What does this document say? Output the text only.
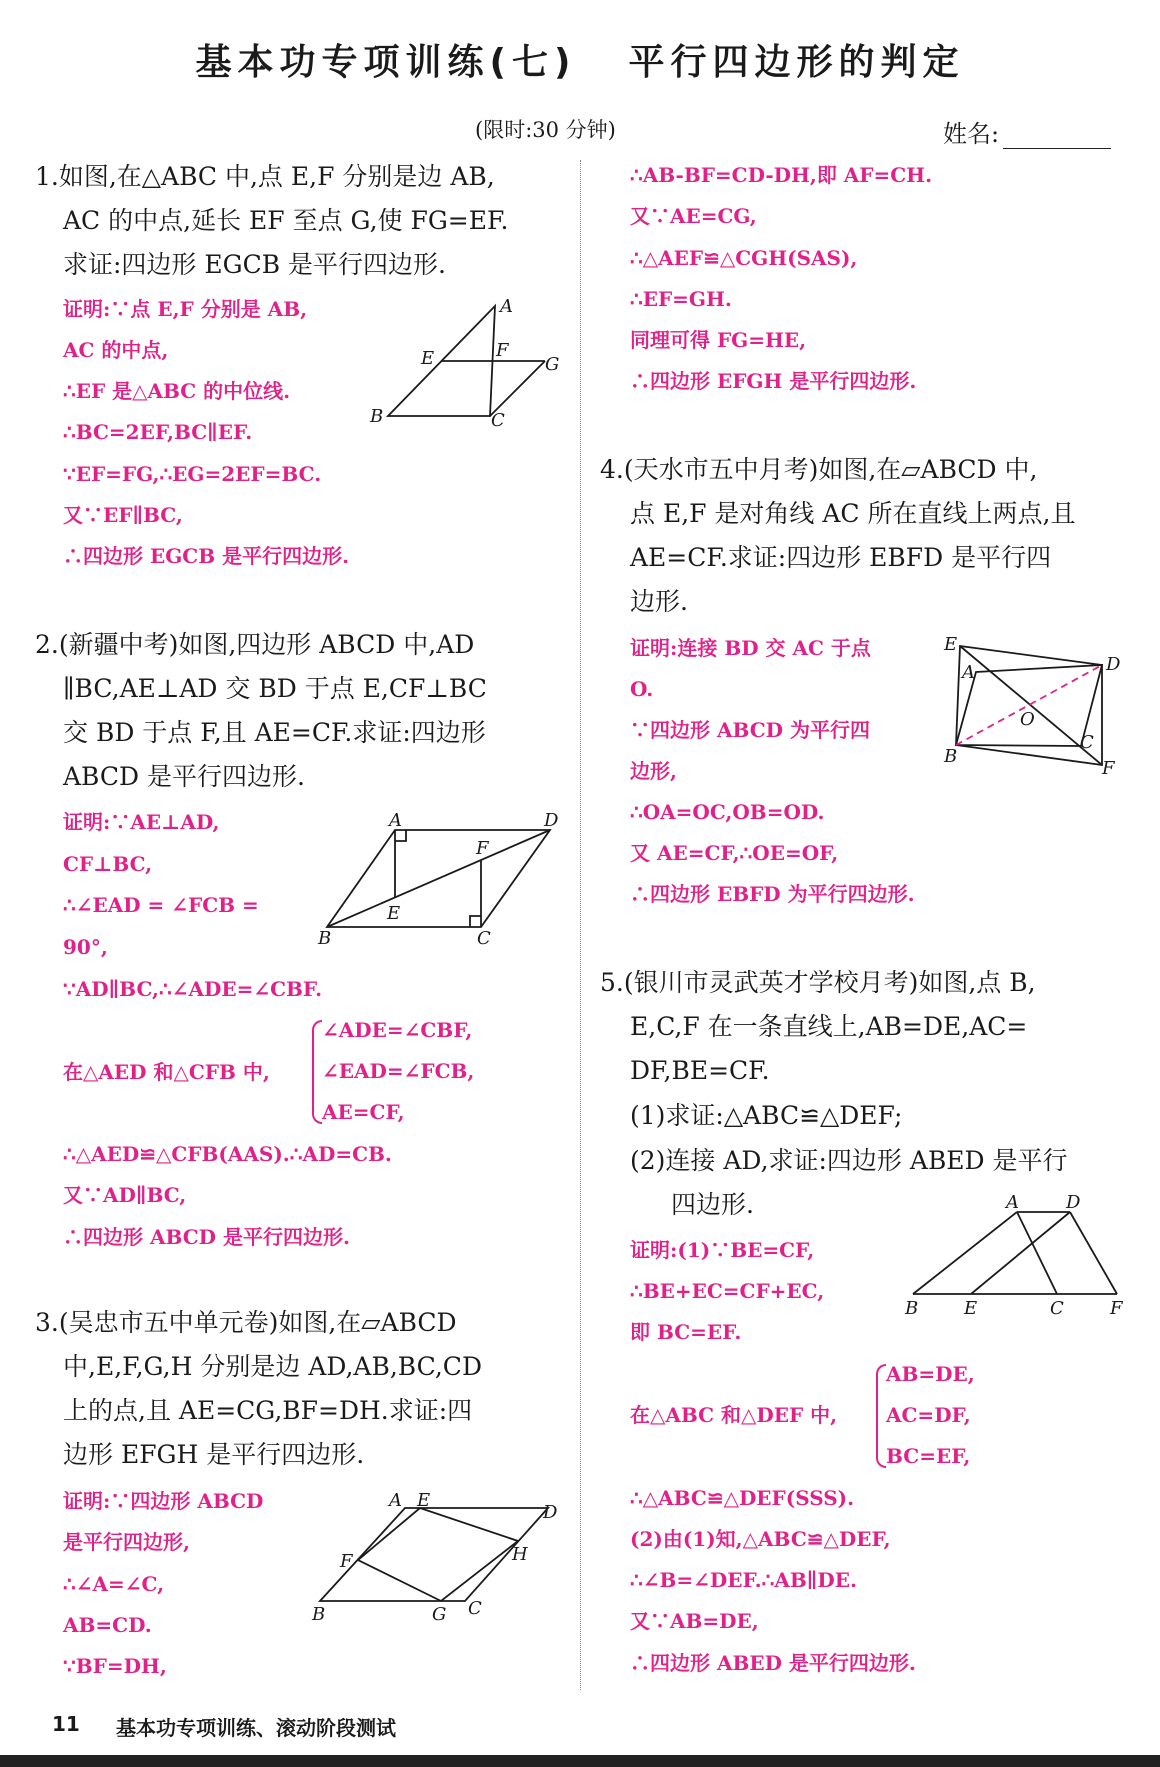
基本功专项训练(七) 平行四边形的判定
(限时:30 分钟)	姓名:
1.如图,在△ABC 中,点 E,F 分别是边 AB,
AC 的中点,延长 EF 至点 G,使 FG=EF.
求证:四边形 EGCB 是平行四边形.
证明:∵点 E,F 分别是 AB,
AC 的中点,
∴EF 是△ABC 的中位线.
∴BC=2EF,BC∥EF.
∵EF=FG,∴EG=2EF=BC.
又∵EF∥BC,
∴四边形 EGCB 是平行四边形.
A
E	F
G
B	C
2.(新疆中考)如图,四边形 ABCD 中,AD
∥BC,AE⊥AD 交 BD 于点 E,CF⊥BC
交 BD 于点 F,且 AE=CF.求证:四边形
ABCD 是平行四边形.
证明:∵AE⊥AD,
CF⊥BC,
∴∠EAD = ∠FCB =
90°,
∵AD∥BC,∴∠ADE=∠CBF.
在△AED 和△CFB 中,
∠ADE=∠CBF,
∠EAD=∠FCB,
AE=CF,
∴△AED≌△CFB(AAS).∴AD=CB.
又∵AD∥BC,
∴四边形 ABCD 是平行四边形.
A	D
F
E
B	C
3.(吴忠市五中单元卷)如图,在▱ABCD
中,E,F,G,H 分别是边 AD,AB,BC,CD
上的点,且 AE=CG,BF=DH.求证:四
边形 EFGH 是平行四边形.
证明:∵四边形 ABCD
是平行四边形,
∴∠A=∠C,
AB=CD.
∵BF=DH,
A E
D
F	H
B	G C
∴AB-BF=CD-DH,即 AF=CH.
又∵AE=CG,
∴△AEF≌△CGH(SAS),
∴EF=GH.
同理可得 FG=HE,
∴四边形 EFGH 是平行四边形.
4.(天水市五中月考)如图,在▱ABCD 中,
点 E,F 是对角线 AC 所在直线上两点,且
AE=CF.求证:四边形 EBFD 是平行四
边形.
证明:连接 BD 交 AC 于点
O.
∵四边形 ABCD 为平行四
边形,
∴OA=OC,OB=OD.
又 AE=CF,∴OE=OF,
∴四边形 EBFD 为平行四边形.
E
A	D
O
B
C
F
5.(银川市灵武英才学校月考)如图,点 B,
E,C,F 在一条直线上,AB=DE,AC=
DF,BE=CF.
(1)求证:△ABC≌△DEF;
(2)连接 AD,求证:四边形 ABED 是平行
四边形.
证明:(1)∵BE=CF,
∴BE+EC=CF+EC,
即 BC=EF.
在△ABC 和△DEF 中,
AB=DE,
AC=DF,
BC=EF,
∴△ABC≌△DEF(SSS).
(2)由(1)知,△ABC≌△DEF,
∴∠B=∠DEF.∴AB∥DE.
又∵AB=DE,
∴四边形 ABED 是平行四边形.
A	D
B	E	C	F
11 基本功专项训练、滚动阶段测试
